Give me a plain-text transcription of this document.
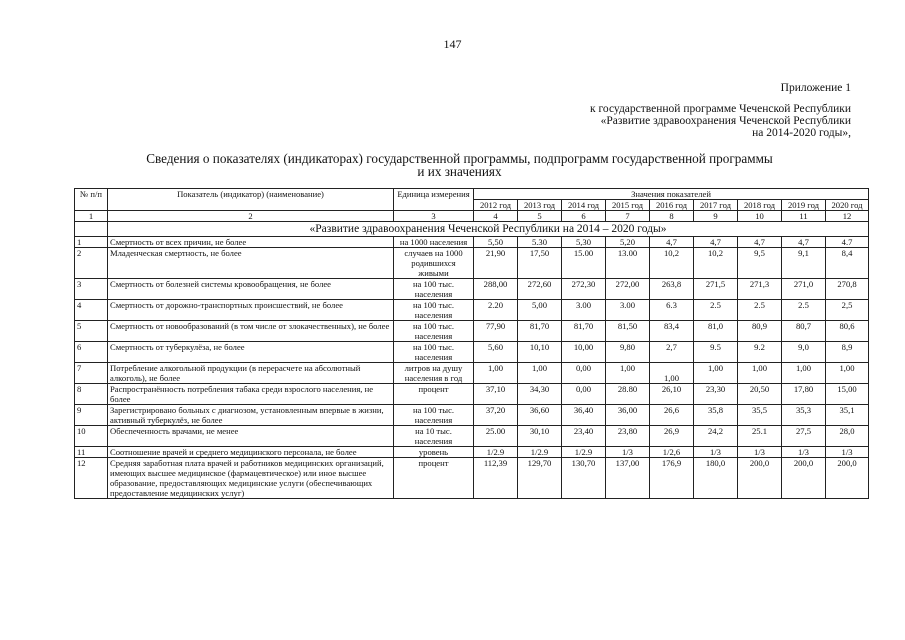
147
Приложение 1
к государственной программе Чеченской Республики
«Развитие здравоохранения Чеченской Республики
на 2014-2020 годы»,
Сведения о показателях (индикаторах) государственной программы, подпрограмм государственной программы
и их значениях
№ п/п	Показатель (индикатор) (наименование)	Единица измерения	Значения показателей								
			2012 год	2013 год	2014 год	2015 год	2016 год	2017 год	2018 год	2019 год	2020 год
1	2	3	4	5	6	7	8	9	10	11	12
	«Развитие здравоохранения Чеченской Республики на 2014 – 2020 годы»										
1	Смертность от всех причин, не более	на 1000 населения	5,50	5.30	5,30	5,20	4,7	4,7	4,7	4,7	4.7
2	Младенческая смертность, не более	случаев на 1000 родившихся живыми	21,90	17,50	15.00	13.00	10,2	10,2	9,5	9,1	8,4
3	Смертность от болезней системы кровообращения, не более	на 100 тыс. населения	288,00	272,60	272,30	272,00	263,8	271,5	271,3	271,0	270,8
4	Смертность от дорожно-транспортных происшествий, не более	на 100 тыс. населения	2.20	5,00	3.00	3.00	6.3	2.5	2.5	2.5	2,5
5	Смертность от новообразований (в том числе от злокачественных), не более	на 100 тыс. населения	77,90	81,70	81,70	81,50	83,4	81,0	80,9	80,7	80,6
6	Смертность от туберкулёза, не более	на 100 тыс. населения	5,60	10,10	10,00	9,80	2,7	9.5	9.2	9,0	8,9
7	Потребление алкогольной продукции (в перерасчете на абсолютный алкоголь), не более	литров на душу населения в год	1,00	1,00	0,00	1,00	1,00	1,00	1,00	1,00	1,00
8	Распространённость потребления табака среди взрослого населения, не более	процент	37,10	34,30	0,00	28.80	26,10	23,30	20,50	17,80	15,00
9	Зарегистрировано больных с диагнозом, установленным впервые в жизни, активный туберкулёз, не более	на 100 тыс. населения	37,20	36,60	36,40	36,00	26,6	35,8	35,5	35,3	35,1
10	Обеспеченность врачами, не менее	на 10 тыс. населения	25.00	30,10	23,40	23,80	26,9	24,2	25.1	27,5	28,0
11	Соотношение врачей и среднего медицинского персонала, не более	уровень	1/2.9	1/2.9	1/2.9	1/3	1/2,6	1/3	1/3	1/3	1/3
12	Средняя заработная плата врачей и работников медицинских организаций, имеющих высшее медицинское (фармацевтическое) или иное высшее образование, предоставляющих медицинские услуги (обеспечивающих предоставление медицинских услуг)	процент	112,39	129,70	130,70	137,00	176,9	180,0	200,0	200,0	200,0
